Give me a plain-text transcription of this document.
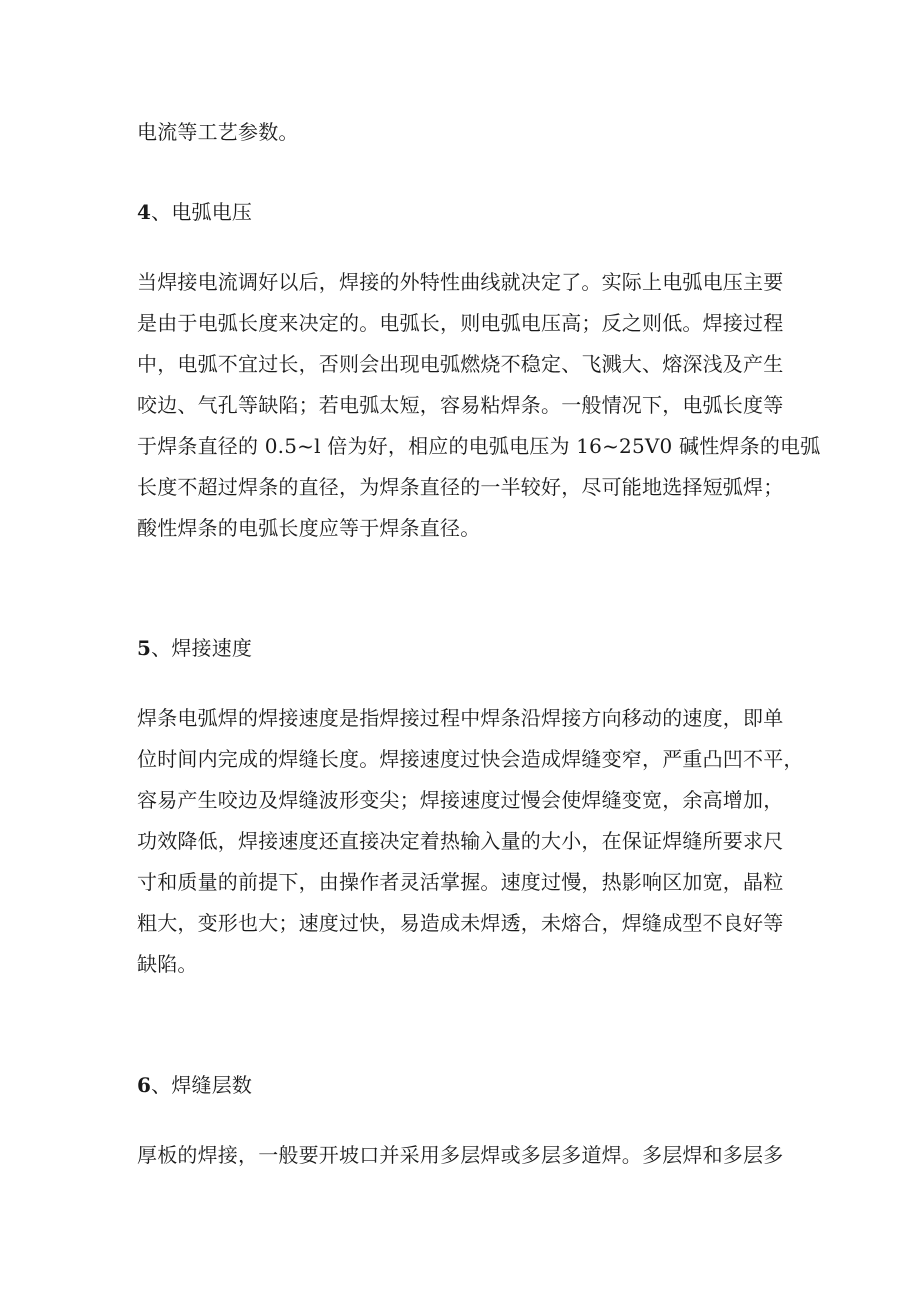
电流等工艺参数。
4、电弧电压
当焊接电流调好以后，焊接的外特性曲线就决定了。实际上电弧电压主要
是由于电弧长度来决定的。电弧长，则电弧电压高；反之则低。焊接过程
中，电弧不宜过长，否则会出现电弧燃烧不稳定、飞溅大、熔深浅及产生
咬边、气孔等缺陷；若电弧太短，容易粘焊条。一般情况下，电弧长度等
于焊条直径的 0.5~l 倍为好，相应的电弧电压为 16~25V0 碱性焊条的电弧
长度不超过焊条的直径，为焊条直径的一半较好，尽可能地选择短弧焊；
酸性焊条的电弧长度应等于焊条直径。
5、焊接速度
焊条电弧焊的焊接速度是指焊接过程中焊条沿焊接方向移动的速度，即单
位时间内完成的焊缝长度。焊接速度过快会造成焊缝变窄，严重凸凹不平，
容易产生咬边及焊缝波形变尖；焊接速度过慢会使焊缝变宽，余高增加，
功效降低，焊接速度还直接决定着热输入量的大小，在保证焊缝所要求尺
寸和质量的前提下，由操作者灵活掌握。速度过慢，热影响区加宽，晶粒
粗大，变形也大；速度过快，易造成未焊透，未熔合，焊缝成型不良好等
缺陷。
6、焊缝层数
厚板的焊接，一般要开坡口并采用多层焊或多层多道焊。多层焊和多层多
